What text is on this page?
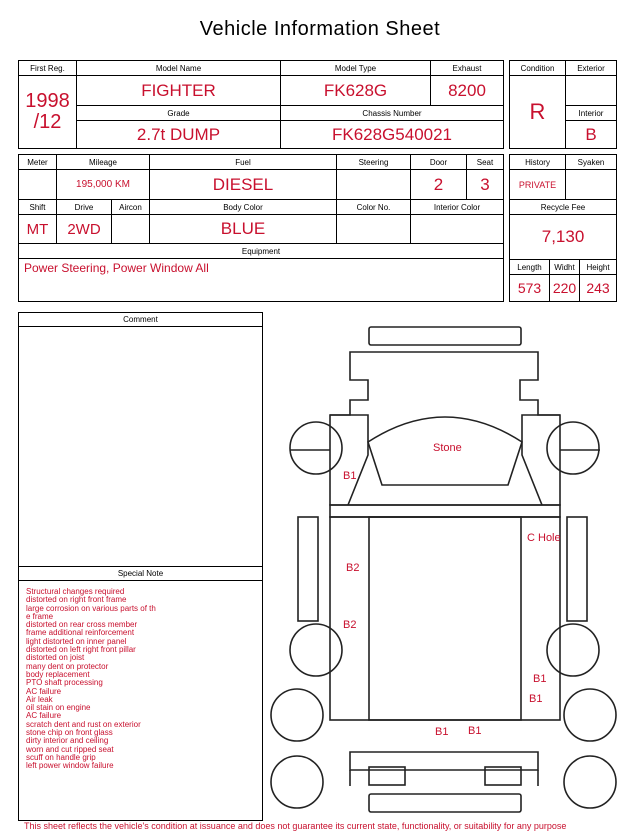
Vehicle Information Sheet
First Reg.	Model Name	Model Type	Exhaust

1998
/12	FIGHTER	FK628G	8200
	Grade	Chassis Number	
	2.7t DUMP	FK628G540021	
Condition	Exterior
R	
	Interior
	B
Meter	Mileage		Fuel	Steering	Door	Seat
	195,000 KM		DIESEL		2	3
Shift	Drive	Aircon	Body Color	Color No.	Interior Color	
MT	2WD		BLUE			
Equipment						
Power Steering, Power Window All						
History		Syaken	
PRIVATE			
Recycle Fee			
7,130			
Length	Widht		Height
573	220		243
Comment
Special Note
Structural changes required
distorted on right front frame
large corrosion on various parts of th
e frame
distorted on rear cross member
frame additional reinforcement
light distorted on inner panel
distorted on left right front pillar
distorted on joist
many dent on protector
body replacement
PTO shaft processing
AC failure
Air leak
oil stain on engine
AC failure
scratch dent and rust on exterior
stone chip on front glass
dirty interior and ceiling
worn and cut ripped seat
scuff on handle grip
left power window failure
Stone
B1
C Hole
B2
B2
B1
B1
B1 B1
This sheet reflects the vehicle's condition at issuance and does not guarantee its current state, functionality, or suitability for any purpose
